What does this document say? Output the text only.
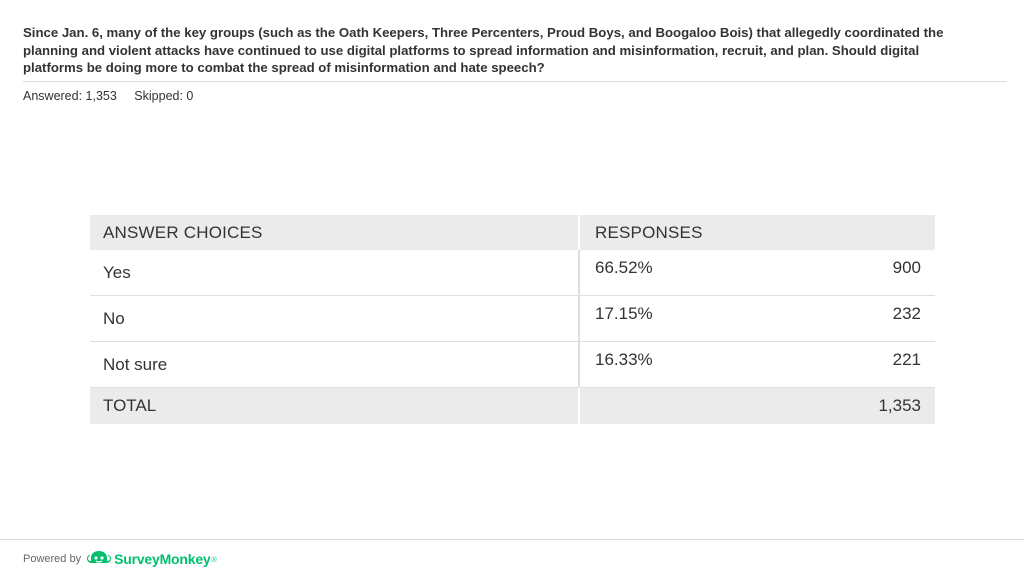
Since Jan. 6, many of the key groups (such as the Oath Keepers, Three Percenters, Proud Boys, and Boogaloo Bois) that allegedly coordinated the planning and violent attacks have continued to use digital platforms to spread information and misinformation, recruit, and plan. Should digital platforms be doing more to combat the spread of misinformation and hate speech?

Answered: 1,353 Skipped: 0
ANSWER CHOICES	RESPONSES
Yes	66.52% 900

No	17.15% 232

Not sure	16.33% 221

TOTAL	1,353
Powered by SurveyMonkey ®
